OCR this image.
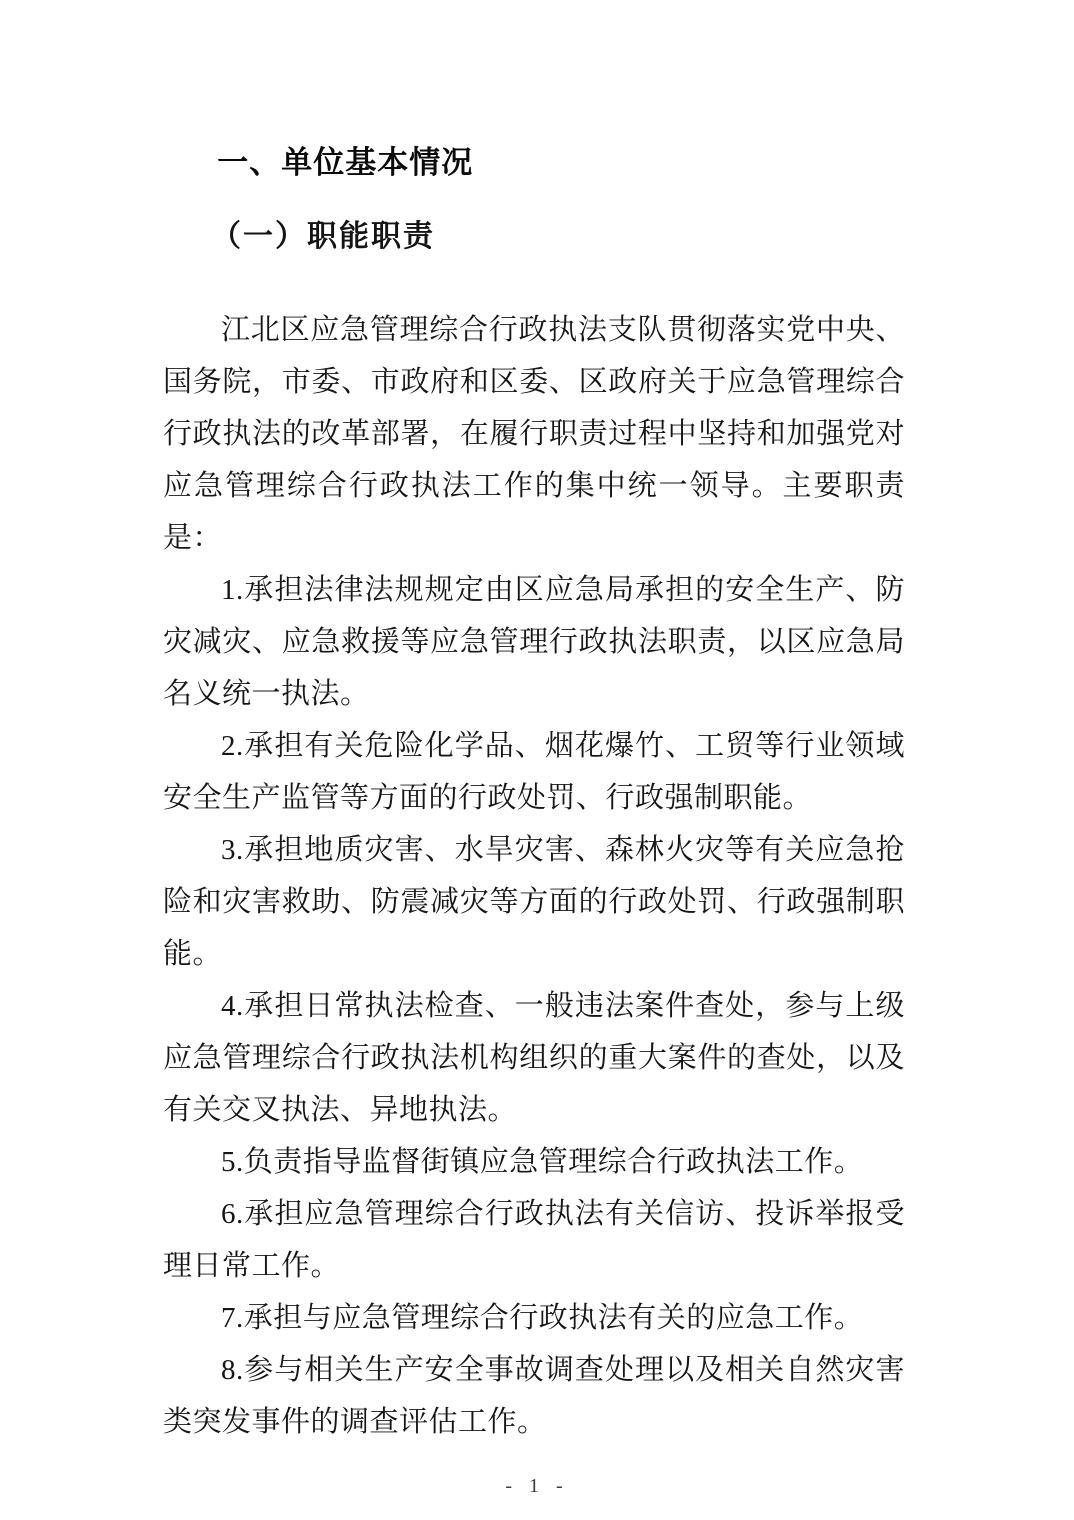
一、单位基本情况
（一）职能职责

江北区应急管理综合行政执法支队贯彻落实党中央、国务院，市委、市政府和区委、区政府关于应急管理综合行政执法的改革部署，在履行职责过程中坚持和加强党对应急管理综合行政执法工作的集中统一领导。主要职责是：

1.承担法律法规规定由区应急局承担的安全生产、防灾减灾、应急救援等应急管理行政执法职责，以区应急局名义统一执法。

2.承担有关危险化学品、烟花爆竹、工贸等行业领域安全生产监管等方面的行政处罚、行政强制职能。

3.承担地质灾害、水旱灾害、森林火灾等有关应急抢险和灾害救助、防震减灾等方面的行政处罚、行政强制职能。

4.承担日常执法检查、一般违法案件查处，参与上级应急管理综合行政执法机构组织的重大案件的查处，以及有关交叉执法、异地执法。

5.负责指导监督街镇应急管理综合行政执法工作。

6.承担应急管理综合行政执法有关信访、投诉举报受理日常工作。

7.承担与应急管理综合行政执法有关的应急工作。

8.参与相关生产安全事故调查处理以及相关自然灾害类突发事件的调查评估工作。

- 1 -
